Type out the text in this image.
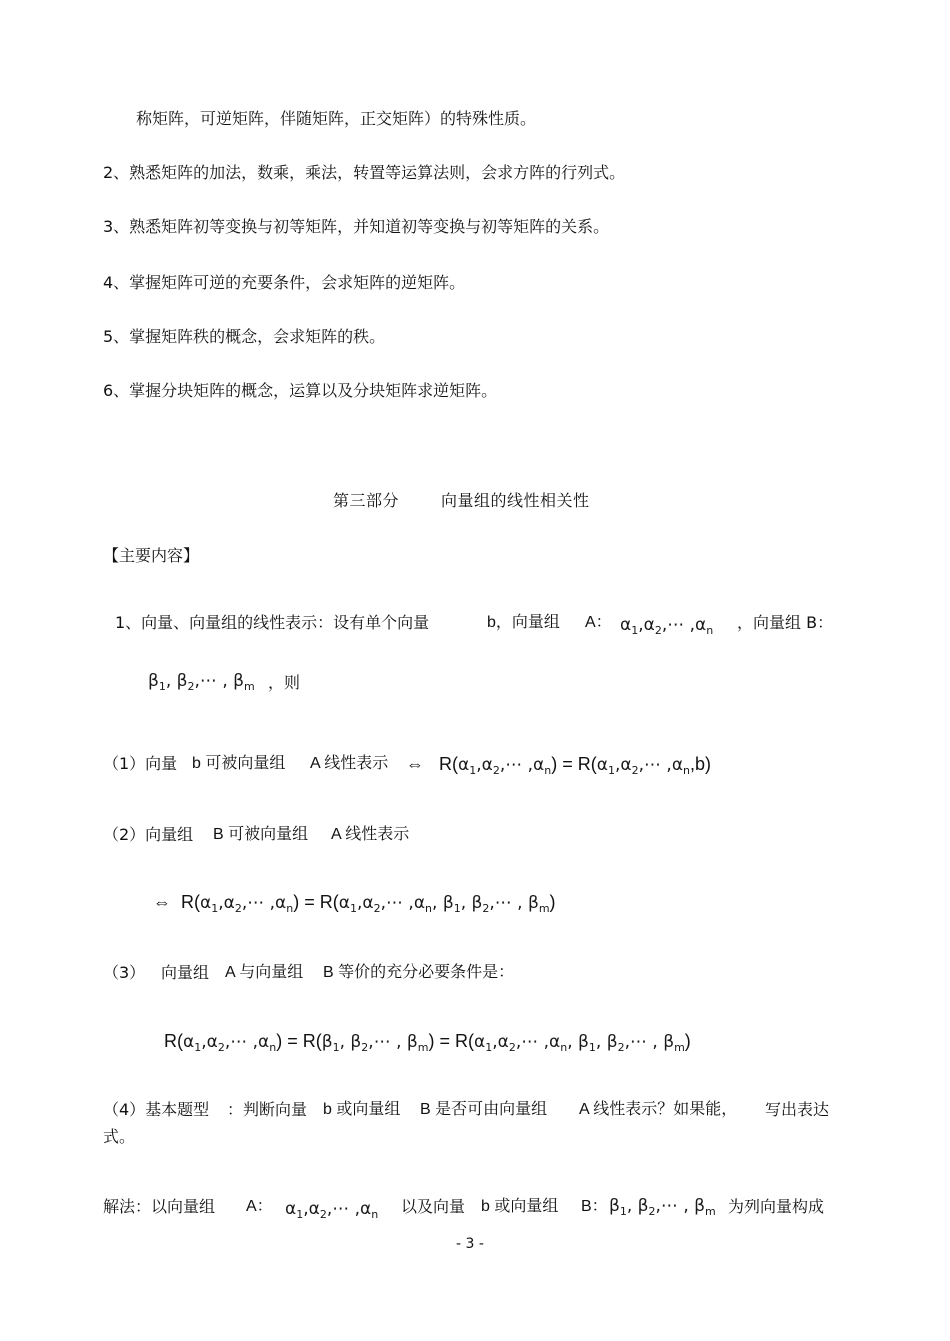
称矩阵，可逆矩阵，伴随矩阵，正交矩阵）的特殊性质。
2、熟悉矩阵的加法，数乘，乘法，转置等运算法则，会求方阵的行列式。
3、熟悉矩阵初等变换与初等矩阵，并知道初等变换与初等矩阵的关系。
4、掌握矩阵可逆的充要条件，会求矩阵的逆矩阵。
5、掌握矩阵秩的概念，会求矩阵的秩。
6、掌握分块矩阵的概念，运算以及分块矩阵求逆矩阵。
第三部分	向量组的线性相关性
【主要内容】
1、向量、向量组的线性表示：设有单个向量	b，向量组 A： $\alpha_1,\alpha_2,\cdots$ $,\alpha_n$ ，向量组 B：
$\beta_1$, $\beta_2,\cdots$ , $\beta_m$ ，则
（1）向量 b 可被向量组 A 线性表示 ⇔   $R(\alpha_1,\alpha_2,\cdots$ $,\alpha_n$) = $R(\alpha_1,\alpha_2,\cdots$ $,\alpha_n,b$)
（2）向量组 B 可被向量组 A 线性表示
⇔  $R(\alpha_1,\alpha_2,\cdots$ $,\alpha_n$) = $R(\alpha_1,\alpha_2,\cdots$ $,\alpha_n$, $\beta_1$, $\beta_2,\cdots$ , $\beta_m$)
（3） 向量组 A 与向量组 B 等价的充分必要条件是：
$R(\alpha_1,\alpha_2,\cdots$ $,\alpha_n) = R(\beta_1$, $\beta_2,\cdots$ , $\beta_m$) = $R(\alpha_1,\alpha_2,\cdots$ $,\alpha_n$, $\beta_1$, $\beta_2,\cdots$ , $\beta_m$)
（4）基本题型 ：判断向量 b 或向量组 B 是否可由向量组 A 线性表示？如果能， 写出表达
式。
解法：以向量组 A： $\alpha_1,\alpha_2,\cdots$ $,\alpha_n$ 以及向量 b 或向量组 B： $\beta_1$, $\beta_2,\cdots$ , $\beta_m$ 为列向量构成
- 3 -
